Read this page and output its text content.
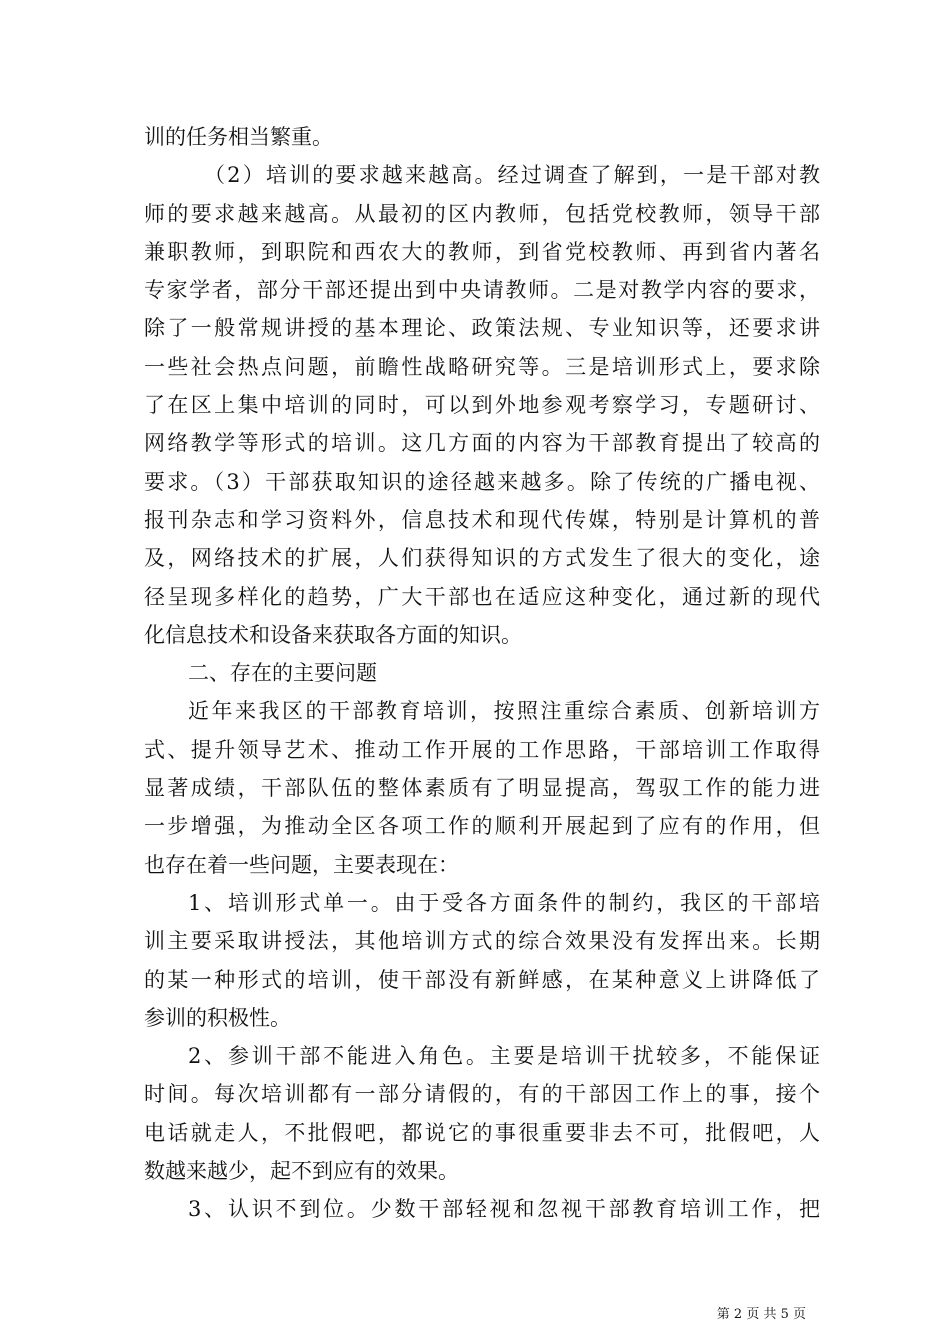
训的任务相当繁重。
（2）培训的要求越来越高。经过调查了解到，一是干部对教
师的要求越来越高。从最初的区内教师，包括党校教师，领导干部
兼职教师，到职院和西农大的教师，到省党校教师、再到省内著名
专家学者，部分干部还提出到中央请教师。二是对教学内容的要求，
除了一般常规讲授的基本理论、政策法规、专业知识等，还要求讲
一些社会热点问题，前瞻性战略研究等。三是培训形式上，要求除
了在区上集中培训的同时，可以到外地参观考察学习，专题研讨、
网络教学等形式的培训。这几方面的内容为干部教育提出了较高的
要求。（3）干部获取知识的途径越来越多。除了传统的广播电视、
报刊杂志和学习资料外，信息技术和现代传媒，特别是计算机的普
及，网络技术的扩展，人们获得知识的方式发生了很大的变化，途
径呈现多样化的趋势，广大干部也在适应这种变化，通过新的现代
化信息技术和设备来获取各方面的知识。
二、存在的主要问题
近年来我区的干部教育培训，按照注重综合素质、创新培训方
式、提升领导艺术、推动工作开展的工作思路，干部培训工作取得
显著成绩，干部队伍的整体素质有了明显提高，驾驭工作的能力进
一步增强，为推动全区各项工作的顺利开展起到了应有的作用，但
也存在着一些问题，主要表现在：
1、培训形式单一。由于受各方面条件的制约，我区的干部培
训主要采取讲授法，其他培训方式的综合效果没有发挥出来。长期
的某一种形式的培训，使干部没有新鲜感，在某种意义上讲降低了
参训的积极性。
2、参训干部不能进入角色。主要是培训干扰较多，不能保证
时间。每次培训都有一部分请假的，有的干部因工作上的事，接个
电话就走人，不批假吧，都说它的事很重要非去不可，批假吧，人
数越来越少，起不到应有的效果。
3、认识不到位。少数干部轻视和忽视干部教育培训工作，把
第 2 页 共 5 页
